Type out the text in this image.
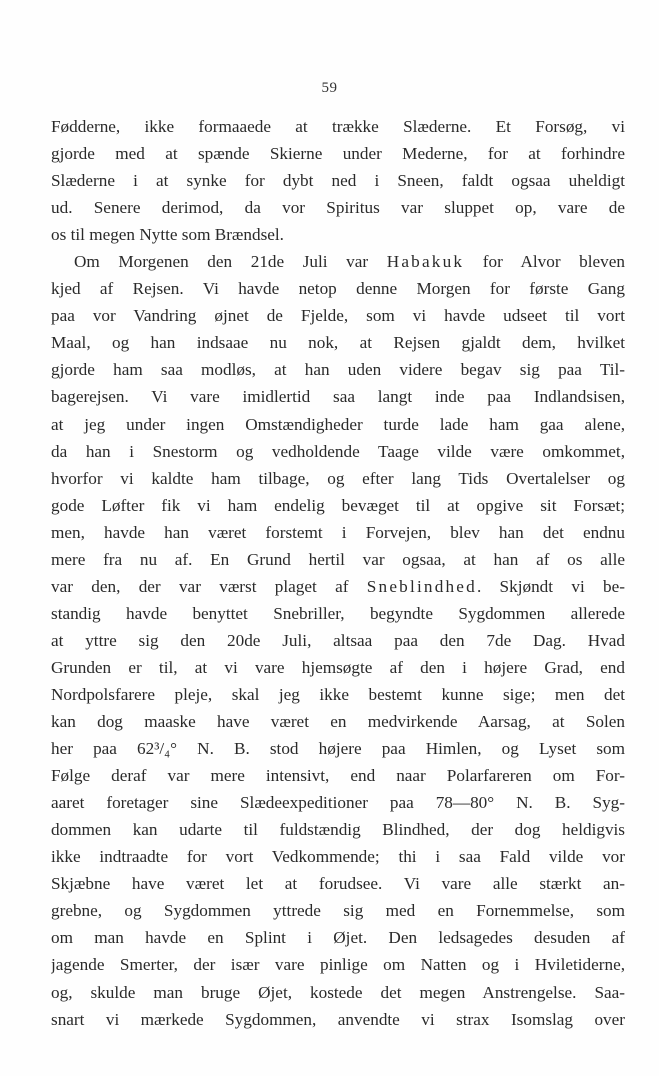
59
Fødderne, ikke formaaede at trække Slæderne. Et Forsøg, vi
gjorde med at spænde Skierne under Mederne, for at forhindre
Slæderne i at synke for dybt ned i Sneen, faldt ogsaa uheldigt
ud. Senere derimod, da vor Spiritus var sluppet op, vare de
os til megen Nytte som Brændsel.
Om Morgenen den 21de Juli var Habakuk for Alvor bleven
kjed af Rejsen. Vi havde netop denne Morgen for første Gang
paa vor Vandring øjnet de Fjelde, som vi havde udseet til vort
Maal, og han indsaae nu nok, at Rejsen gjaldt dem, hvilket
gjorde ham saa modløs, at han uden videre begav sig paa Til-
bagerejsen. Vi vare imidlertid saa langt inde paa Indlandsisen,
at jeg under ingen Omstændigheder turde lade ham gaa alene,
da han i Snestorm og vedholdende Taage vilde være omkommet,
hvorfor vi kaldte ham tilbage, og efter lang Tids Overtalelser og
gode Løfter fik vi ham endelig bevæget til at opgive sit Forsæt;
men, havde han været forstemt i Forvejen, blev han det endnu
mere fra nu af. En Grund hertil var ogsaa, at han af os alle
var den, der var værst plaget af Sneblindhed. Skjøndt vi be-
standig havde benyttet Snebriller, begyndte Sygdommen allerede
at yttre sig den 20de Juli, altsaa paa den 7de Dag. Hvad
Grunden er til, at vi vare hjemsøgte af den i højere Grad, end
Nordpolsfarere pleje, skal jeg ikke bestemt kunne sige; men det
kan dog maaske have været en medvirkende Aarsag, at Solen
her paa 62³/₄° N. B. stod højere paa Himlen, og Lyset som
Følge deraf var mere intensivt, end naar Polarfareren om For-
aaret foretager sine Slædeexpeditioner paa 78—80° N. B. Syg-
dommen kan udarte til fuldstændig Blindhed, der dog heldigvis
ikke indtraadte for vort Vedkommende; thi i saa Fald vilde vor
Skjæbne have været let at forudsee. Vi vare alle stærkt an-
grebne, og Sygdommen yttrede sig med en Fornemmelse, som
om man havde en Splint i Øjet. Den ledsagedes desuden af
jagende Smerter, der især vare pinlige om Natten og i Hviletiderne,
og, skulde man bruge Øjet, kostede det megen Anstrengelse. Saa-
snart vi mærkede Sygdommen, anvendte vi strax Isomslag over
